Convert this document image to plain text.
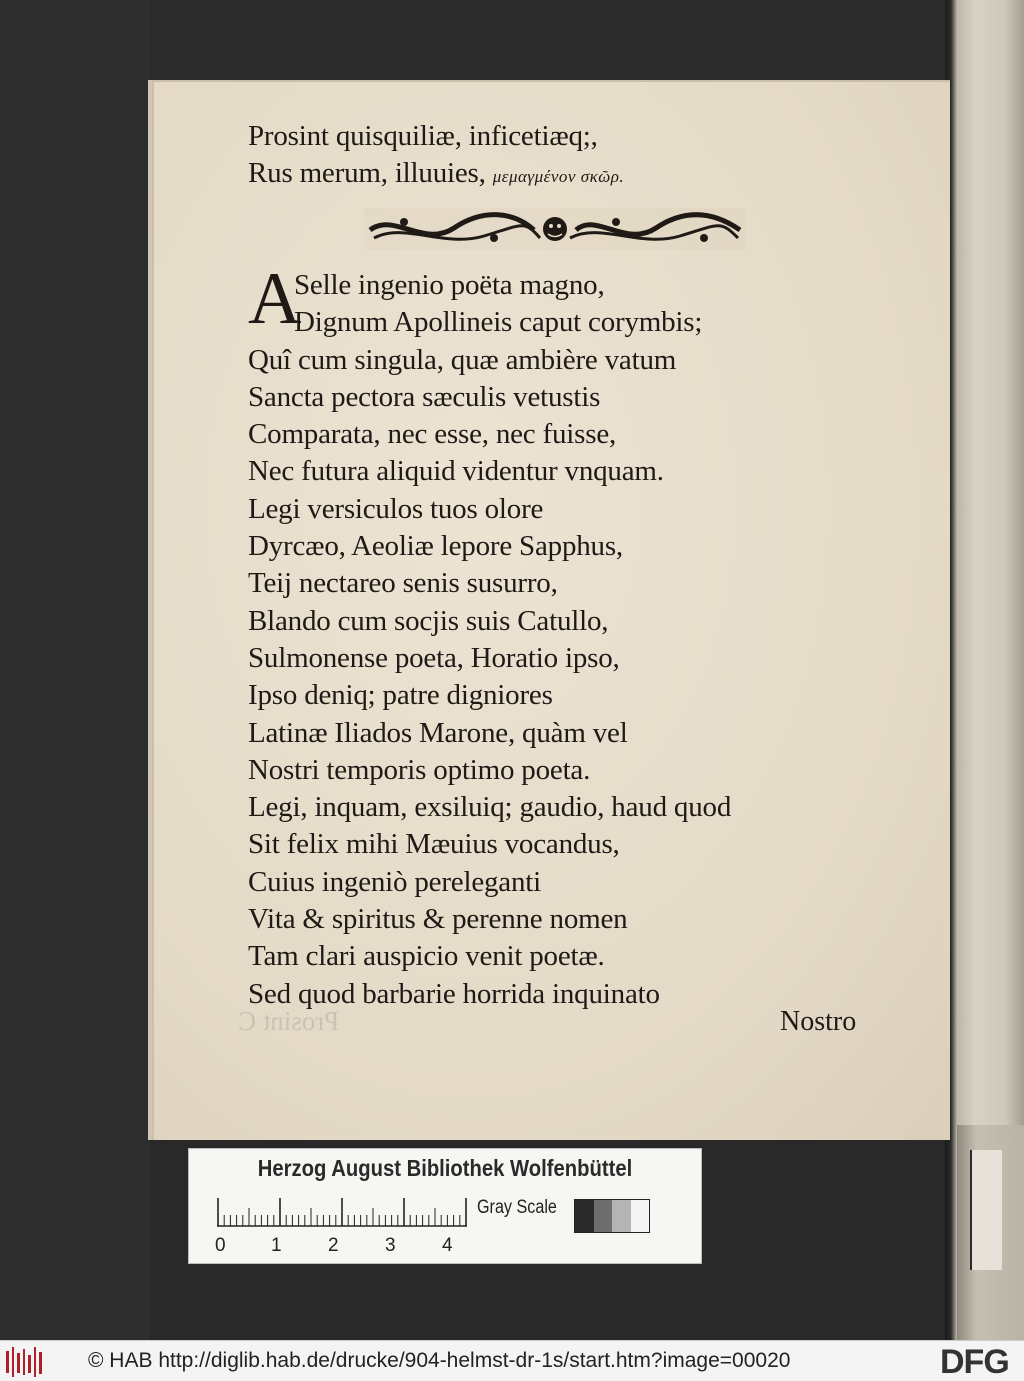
Prosint C
Prosint quisquiliæ, inficetiæq;,
Rus merum, illuuies, μεμαγμένον σκῶρ.
A
Selle ingenio poëta magno,
Dignum Apollineis caput corymbis;
Quî cum singula, quæ ambière vatum
Sancta pectora sæculis vetustis
Comparata, nec esse, nec fuisse,
Nec futura aliquid videntur vnquam.
Legi versiculos tuos olore
Dyrcæo, Aeoliæ lepore Sapphus,
Teij nectareo senis susurro,
Blando cum socjis suis Catullo,
Sulmonense poeta, Horatio ipso,
Ipso deniq; patre digniores
Latinæ Iliados Marone, quàm vel
Nostri temporis optimo poeta.
Legi, inquam, exsiluiq; gaudio, haud quod
Sit felix mihi Mæuius vocandus,
Cuius ingeniò pereleganti
Vita & spiritus & perenne nomen
Tam clari auspicio venit poetæ.
Sed quod barbarie horrida inquinato
Nostro
Herzog August Bibliothek Wolfenbüttel
0 1 2 3 4
Gray Scale
© HAB http://diglib.hab.de/drucke/904-helmst-dr-1s/start.htm?image=00020	DFG
